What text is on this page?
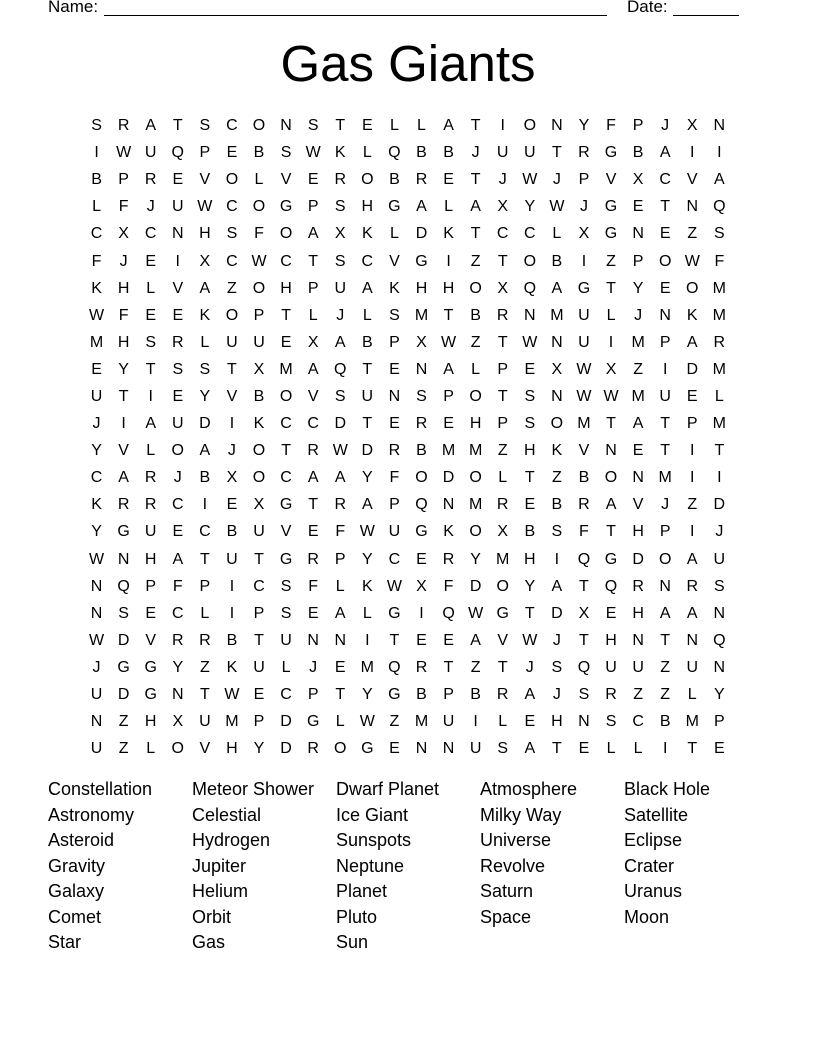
Name:	Date:
Gas Giants
S R A	T	S C O N S	T	E	L	L	A	T	I	O N Y	F	P	J	X N
I	W U Q P	E	B	S W K	L	Q B	B	J	U U	T	R G B	A	I	I
B	P R E	V O	L	V	E R O B R E	T	J W J	P	V	X C V	A
L	F	J	U W C O G P	S H G A	L	A	X	Y W J	G E	T	N Q
C X C N H S	F O A	X	K	L	D K	T	C C	L	X G N E	Z	S
F	J	E	I	X C W C	T	S C V G	I	Z	T O B	I	Z	P O W F
K H	L	V	A	Z O H P U A	K H H O X Q A G T	Y	E O M
W F	E	E	K O P	T	L	J	L	S M T	B R N M U	L	J	N K M
M H S R	L	U U E	X	A	B	P	X W Z	T W N U	I	M P	A R
E	Y	T	S	S	T	X M A Q T	E N A	L	P	E	X W X	Z	I	D M
U	T	I	E	Y	V	B O V	S U N S	P O T	S N W W M U E	L
J	I	A U D	I	K C C D	T	E R E H P	S O M T	A	T	P M
Y	V	L	O A	J	O T	R W D R B M M Z	H K	V N E	T	I	T
C A R	J	B	X O C A	A	Y	F O D O	L	T	Z	B O N M	I	I
K R R C	I	E	X G T	R A	P Q N M R E	B R A	V	J	Z	D
Y G U E C B U V	E	F W U G K O X	B	S	F	T	H P	I	J
W N H A	T	U	T G R P	Y C E R Y M H	I	Q G D O A U
N Q P	F	P	I	C S	F	L	K W X	F	D O Y	A	T Q R N R S
N S	E C	L	I	P	S	E	A	L	G	I	Q W G T	D X	E H A	A N
W D V R R B	T	U N N	I	T	E	E	A	V W J	T	H N	T	N Q
J	G G Y	Z	K U	L	J	E M Q R	T	Z	T	J	S Q U U	Z	U N
U D G N	T W E C P	T	Y G B	P	B R A	J	S R	Z	Z	L	Y
N	Z	H X U M P D G	L W Z M U	I	L	E H N S C B M P
U	Z	L	O V H Y D R O G E N N U S	A	T	E	L	L	I	T	E
Constellation
Astronomy
Asteroid
Gravity
Galaxy
Comet
Star
Meteor Shower
Celestial
Hydrogen
Jupiter
Helium
Orbit
Gas
Dwarf Planet
Ice Giant
Sunspots
Neptune
Planet
Pluto
Sun
Atmosphere
Milky Way
Universe
Revolve
Saturn
Space
Black Hole
Satellite
Eclipse
Crater
Uranus
Moon
